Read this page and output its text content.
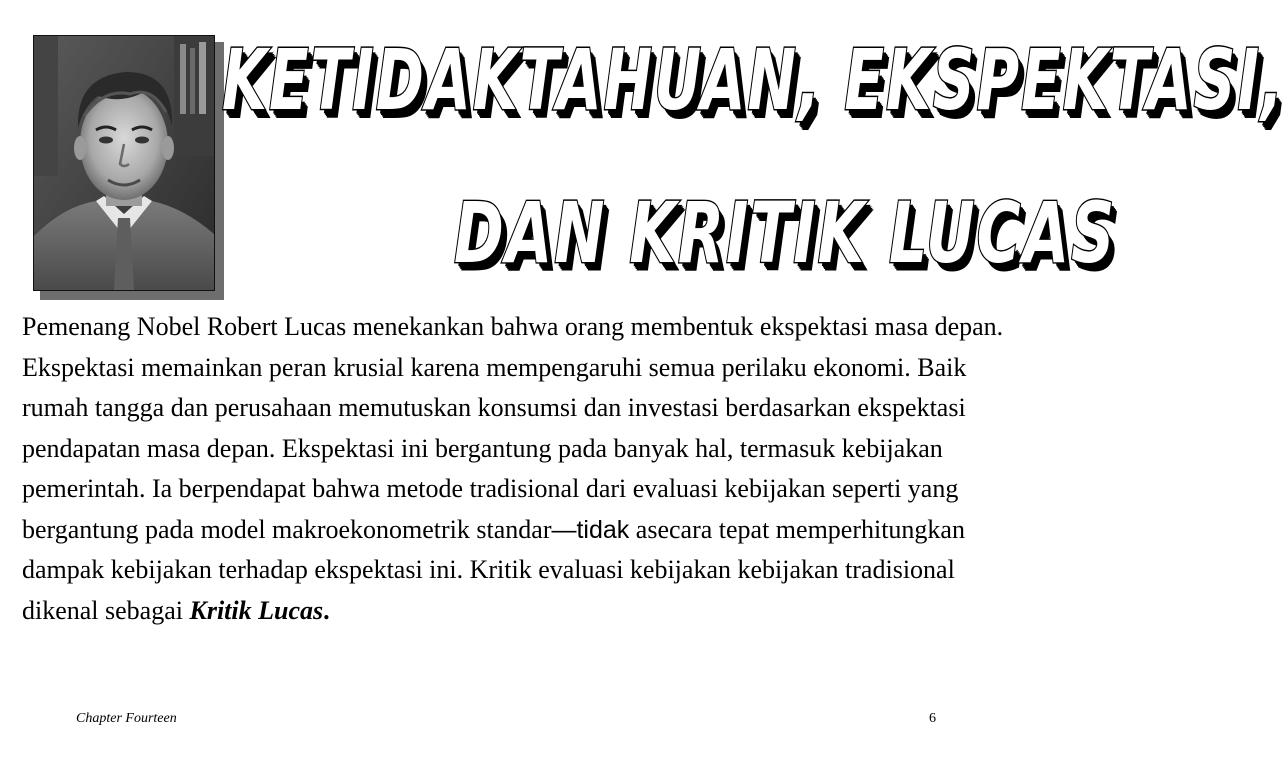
KETIDAKTAHUAN, EKSPEKTASI,
DAN KRITIK LUCAS

Pemenang Nobel Robert Lucas menekankan bahwa orang membentuk ekspektasi masa depan. Ekspektasi memainkan peran krusial karena mempengaruhi semua perilaku ekonomi. Baik rumah tangga dan perusahaan memutuskan konsumsi dan investasi berdasarkan ekspektasi pendapatan masa depan. Ekspektasi ini bergantung pada banyak hal, termasuk kebijakan pemerintah. Ia berpendapat bahwa metode tradisional dari evaluasi kebijakan seperti yang bergantung pada model makroekonometrik standar—tidak asecara tepat memperhitungkan dampak kebijakan terhadap ekspektasi ini. Kritik evaluasi kebijakan kebijakan tradisional dikenal sebagai Kritik Lucas.

Chapter Fourteen	6
